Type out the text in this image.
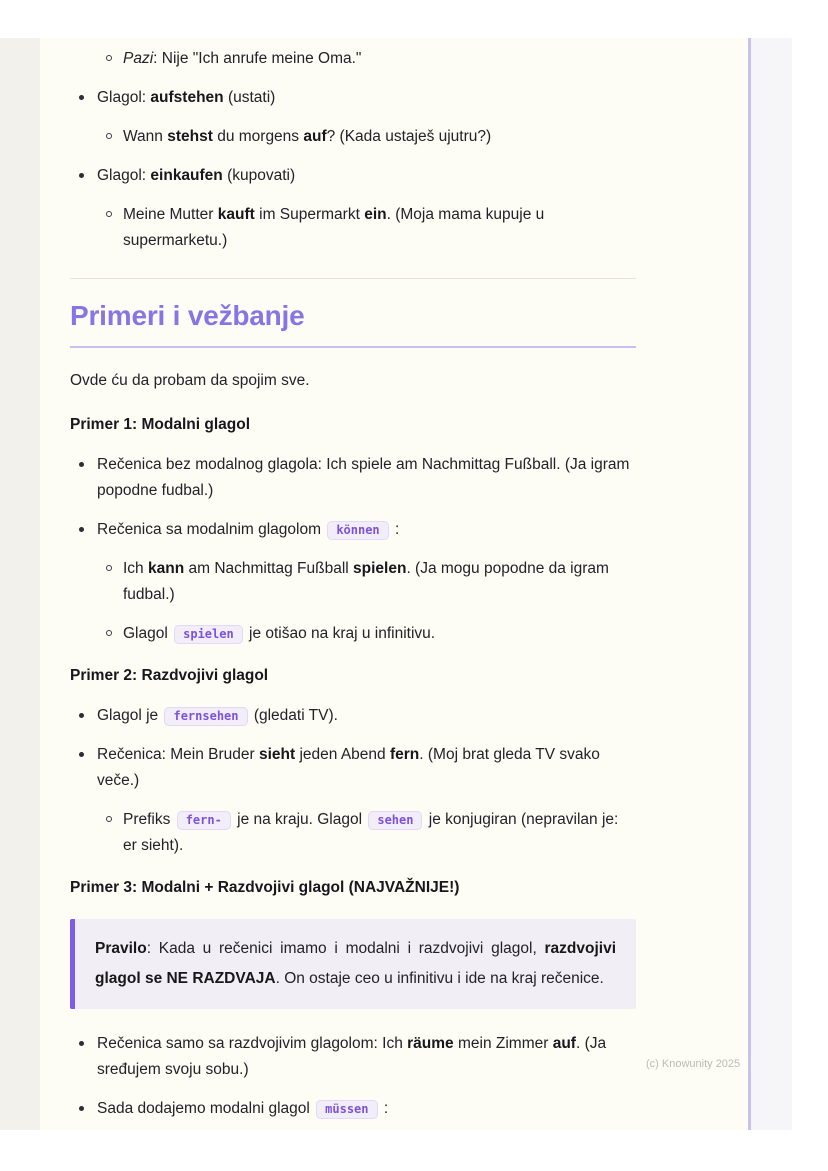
Pazi: Nije "Ich anrufe meine Oma."
Glagol: aufstehen (ustati)
Wann stehst du morgens auf? (Kada ustaješ ujutru?)
Glagol: einkaufen (kupovati)
Meine Mutter kauft im Supermarkt ein. (Moja mama kupuje u supermarketu.)
Primeri i vežbanje

Ovde ću da probam da spojim sve.

Primer 1: Modalni glagol

Rečenica bez modalnog glagola: Ich spiele am Nachmittag Fußball. (Ja igram popodne fudbal.)
Rečenica sa modalnim glagolom können :
Ich kann am Nachmittag Fußball spielen. (Ja mogu popodne da igram fudbal.)
Glagol spielen je otišao na kraj u infinitivu.

Primer 2: Razdvojivi glagol

Glagol je fernsehen (gledati TV).
Rečenica: Mein Bruder sieht jeden Abend fern. (Moj brat gleda TV svako veče.)
Prefiks fern- je na kraju. Glagol sehen je konjugiran (nepravilan je: er sieht).

Primer 3: Modalni + Razdvojivi glagol (NAJVAŽNIJE!)

Pravilo: Kada u rečenici imamo i modalni i razdvojivi glagol, razdvojivi glagol se NE RAZDVAJA. On ostaje ceo u infinitivu i ide na kraj rečenice.
Rečenica samo sa razdvojivim glagolom: Ich räume mein Zimmer auf. (Ja sređujem svoju sobu.)
Sada dodajemo modalni glagol müssen :
(c) Knowunity 2025
